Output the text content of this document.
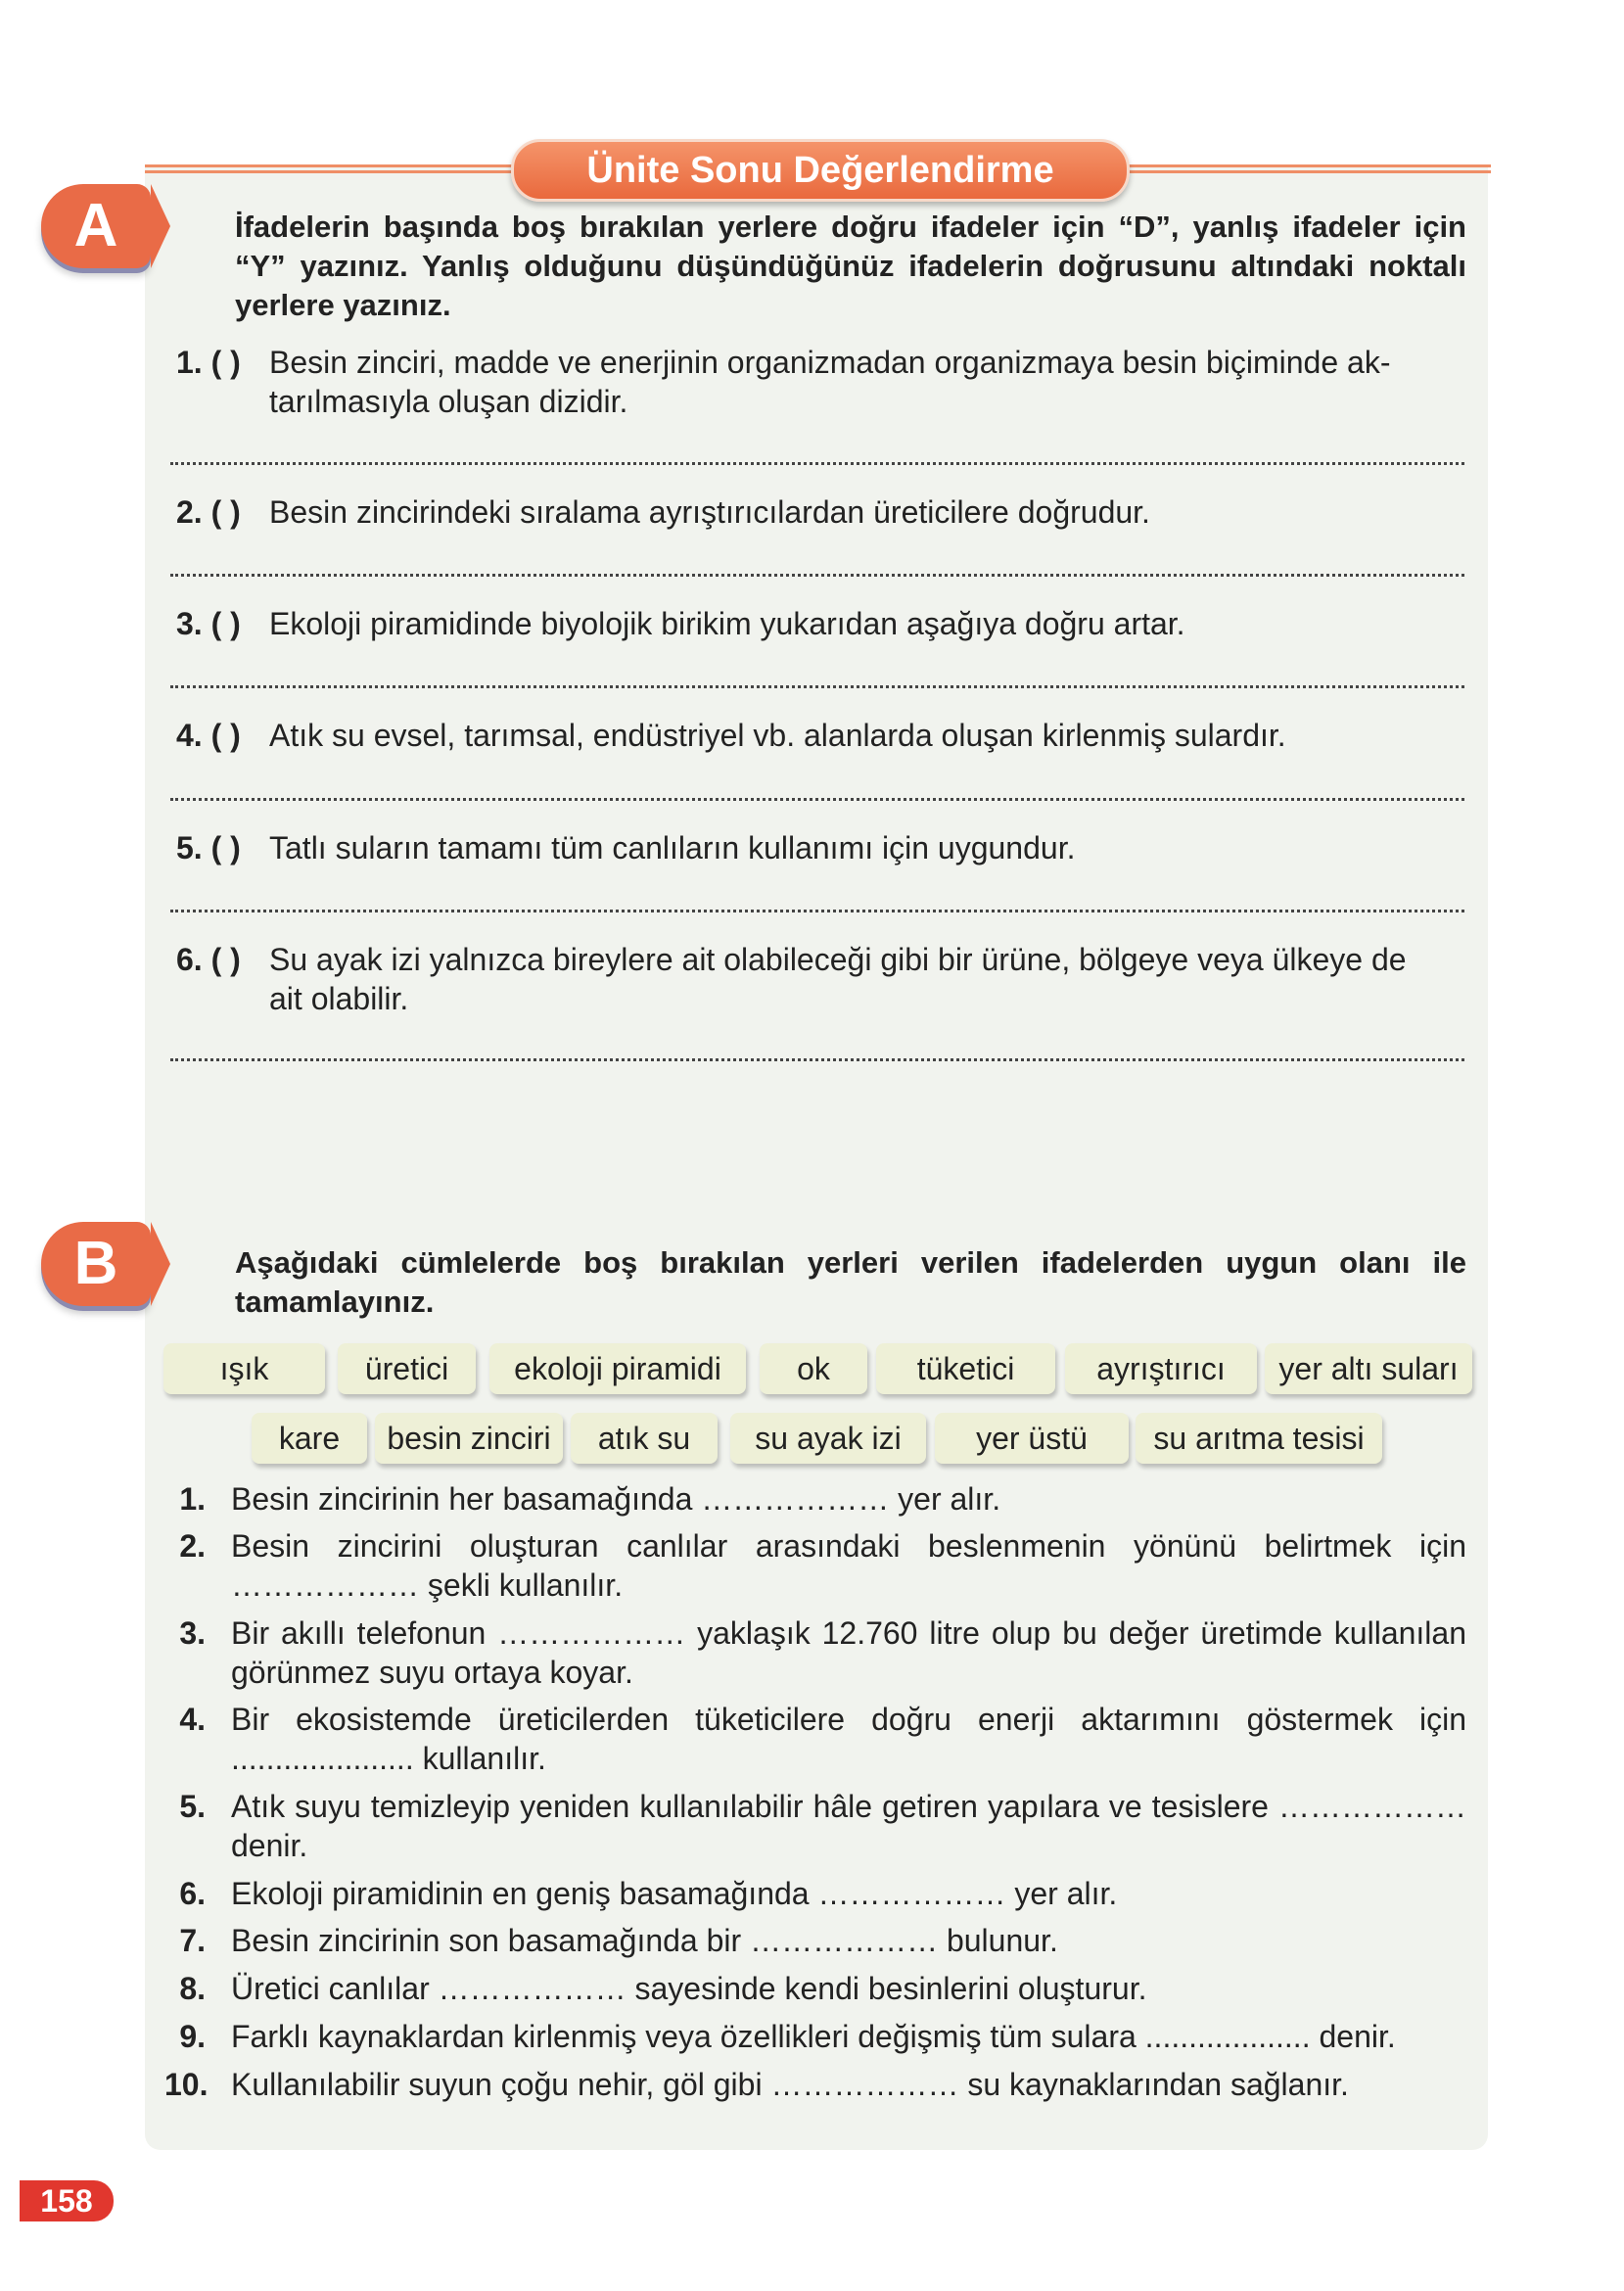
Ünite Sonu Değerlendirme
A	İfadelerin başında boş bırakılan yerlere doğru ifadeler için “D”, yanlış ifadeler için “Y” yazınız. Yanlış olduğunu düşündüğünüz ifadelerin doğrusunu altındaki noktalı yerlere yazınız.
1. ( ) Besin zinciri, madde ve enerjinin organizmadan organizmaya besin biçiminde ak-
tarılmasıyla oluşan dizidir.
2. ( ) Besin zincirindeki sıralama ayrıştırıcılardan üreticilere doğrudur.
3. ( ) Ekoloji piramidinde biyolojik birikim yukarıdan aşağıya doğru artar.
4. ( ) Atık su evsel, tarımsal, endüstriyel vb. alanlarda oluşan kirlenmiş sulardır.
5. ( ) Tatlı suların tamamı tüm canlıların kullanımı için uygundur.
6. ( ) Su ayak izi yalnızca bireylere ait olabileceği gibi bir ürüne, bölgeye veya ülkeye de
ait olabilir.
B	Aşağıdaki cümlelerde boş bırakılan yerleri verilen ifadelerden uygun olanı ile tamamlayınız.
ışık	üretici	ekoloji piramidi	ok	tüketici	ayrıştırıcı	yer altı suları
kare	besin zinciri	atık su	su ayak izi	yer üstü	su arıtma tesisi
1. Besin zincirinin her basamağında ……………… yer alır.
2. Besin zincirini oluşturan canlılar arasındaki beslenmenin yönünü belirtmek için ……………… şekli kullanılır.
3. Bir akıllı telefonun ……………… yaklaşık 12.760 litre olup bu değer üretimde kullanılan görünmez suyu ortaya koyar.
4. Bir ekosistemde üreticilerden tüketicilere doğru enerji aktarımını göstermek için ..................... kullanılır.
5. Atık suyu temizleyip yeniden kullanılabilir hâle getiren yapılara ve tesislere ……………… denir.
6. Ekoloji piramidinin en geniş basamağında ……………… yer alır.
7. Besin zincirinin son basamağında bir ……………… bulunur.
8. Üretici canlılar ……………… sayesinde kendi besinlerini oluşturur.
9. Farklı kaynaklardan kirlenmiş veya özellikleri değişmiş tüm sulara ................... denir.
10. Kullanılabilir suyun çoğu nehir, göl gibi ……………… su kaynaklarından sağlanır.
158
